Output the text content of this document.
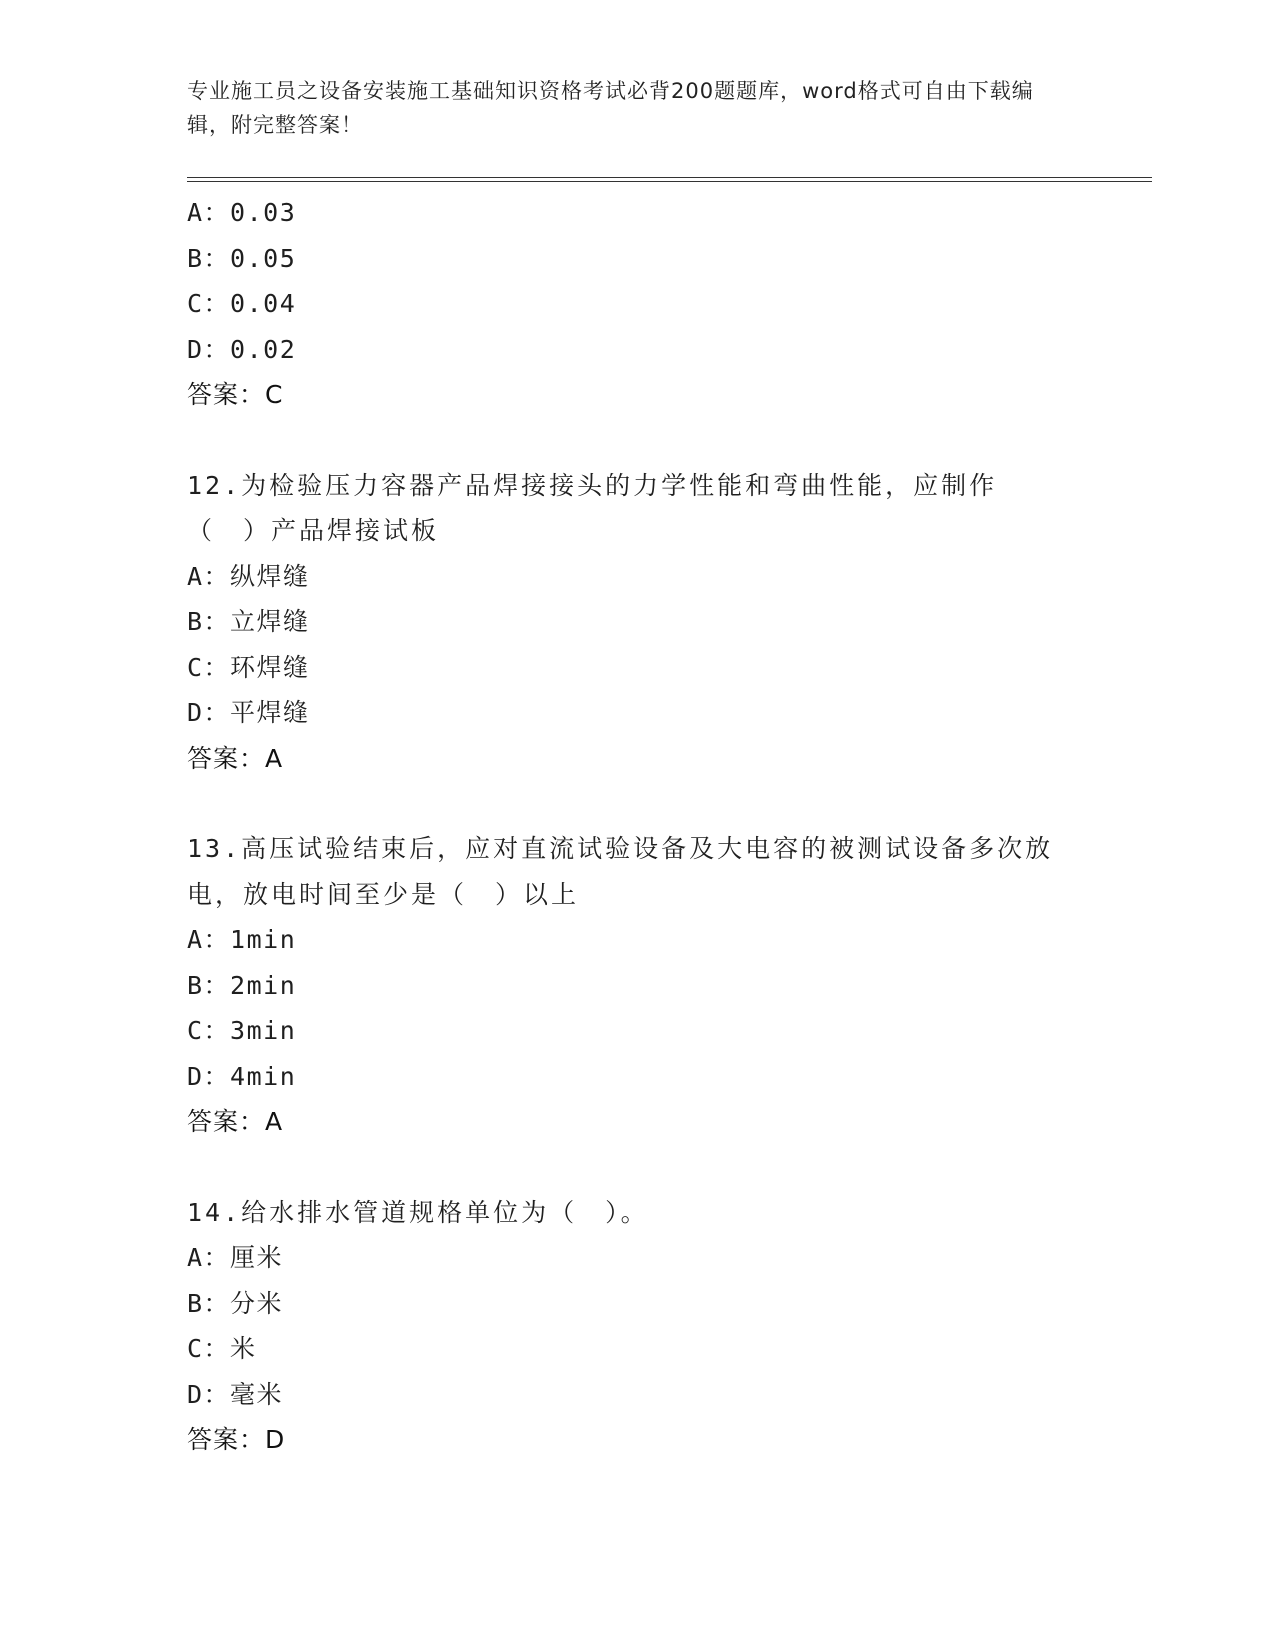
专业施工员之设备安装施工基础知识资格考试必背200题题库，word格式可自由下载编辑，附完整答案！
A：0.03
B：0.05
C：0.04
D：0.02
答案：C
12.为检验压力容器产品焊接接头的力学性能和弯曲性能，应制作（　）产品焊接试板
A：纵焊缝
B：立焊缝
C：环焊缝
D：平焊缝
答案：A
13.高压试验结束后，应对直流试验设备及大电容的被测试设备多次放电，放电时间至少是（　）以上
A：1min
B：2min
C：3min
D：4min
答案：A
14.给水排水管道规格单位为（　）。
A：厘米
B：分米
C：米
D：毫米
答案：D
